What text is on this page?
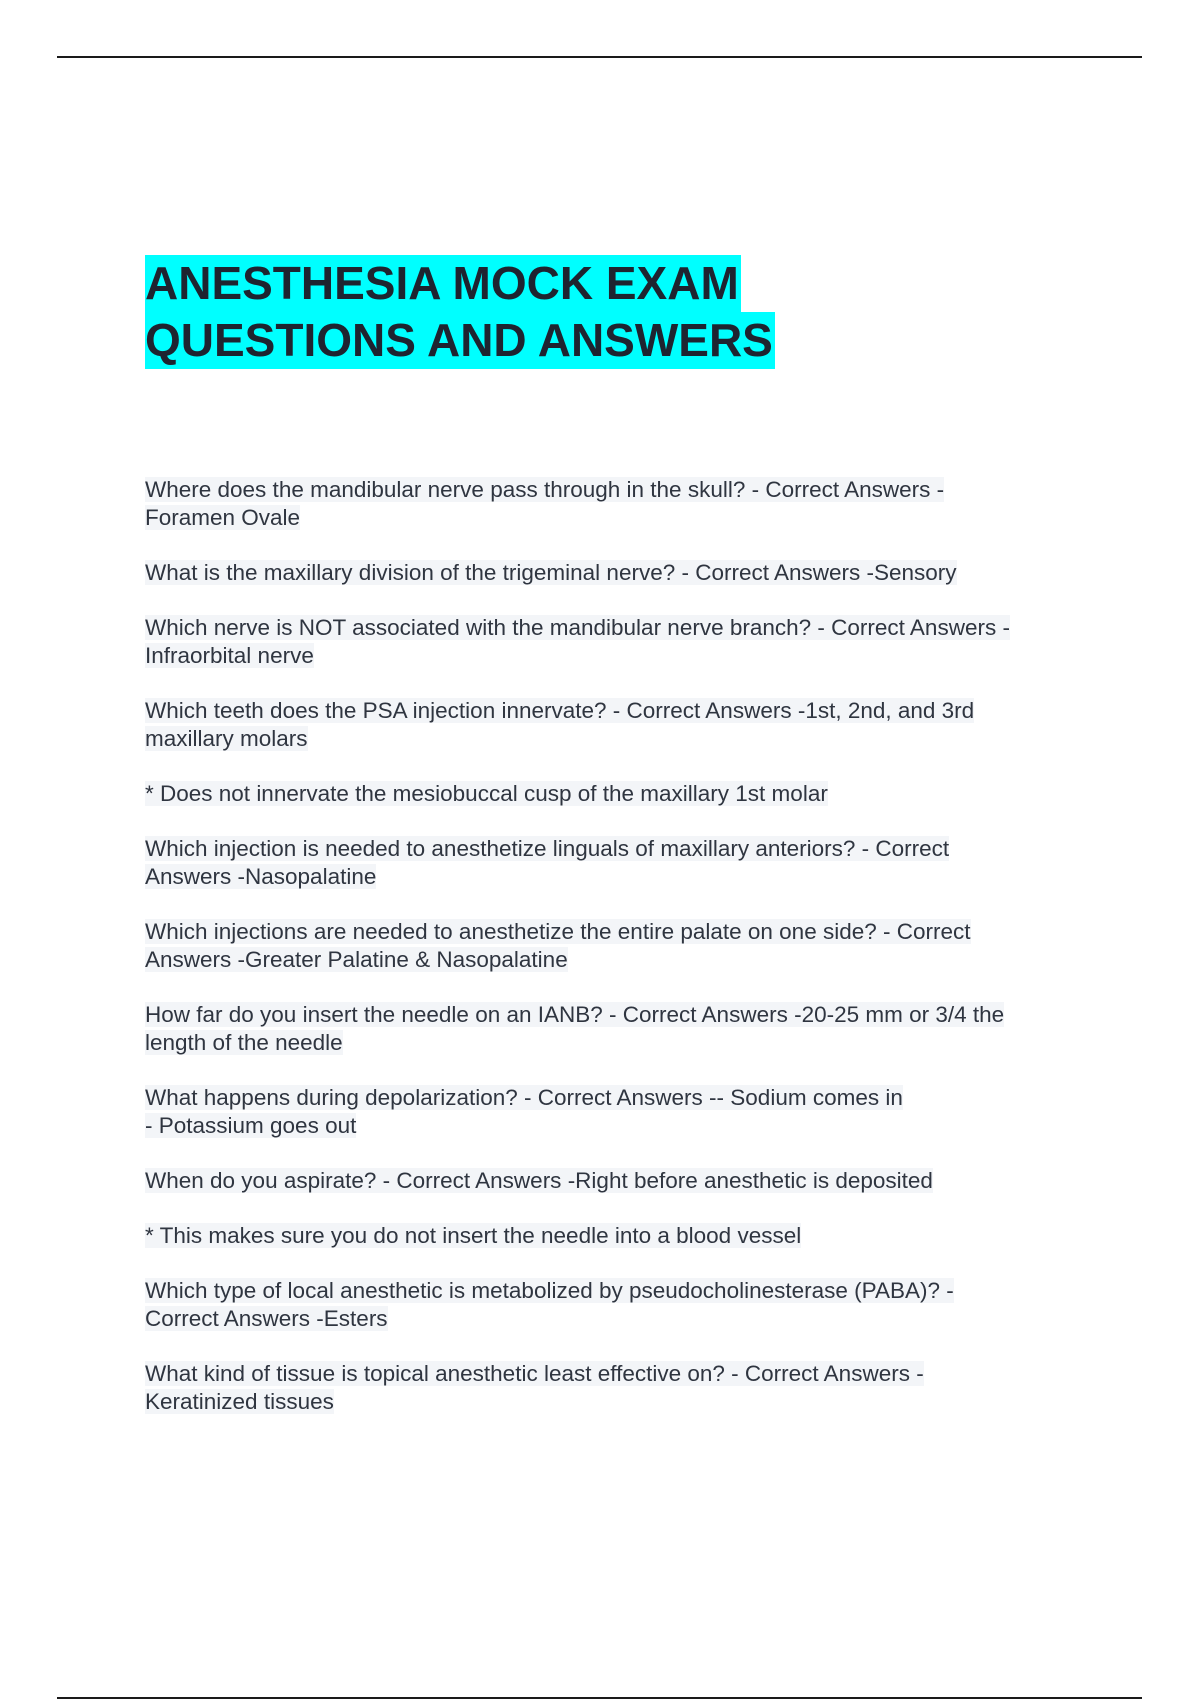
ANESTHESIA MOCK EXAM
QUESTIONS AND ANSWERS
Where does the mandibular nerve pass through in the skull? - Correct Answers -
Foramen Ovale
What is the maxillary division of the trigeminal nerve? - Correct Answers -Sensory
Which nerve is NOT associated with the mandibular nerve branch? - Correct Answers -
Infraorbital nerve
Which teeth does the PSA injection innervate? - Correct Answers -1st, 2nd, and 3rd
maxillary molars
* Does not innervate the mesiobuccal cusp of the maxillary 1st molar
Which injection is needed to anesthetize linguals of maxillary anteriors? - Correct
Answers -Nasopalatine
Which injections are needed to anesthetize the entire palate on one side? - Correct
Answers -Greater Palatine & Nasopalatine
How far do you insert the needle on an IANB? - Correct Answers -20-25 mm or 3/4 the
length of the needle
What happens during depolarization? - Correct Answers -- Sodium comes in
- Potassium goes out
When do you aspirate? - Correct Answers -Right before anesthetic is deposited
* This makes sure you do not insert the needle into a blood vessel
Which type of local anesthetic is metabolized by pseudocholinesterase (PABA)? -
Correct Answers -Esters
What kind of tissue is topical anesthetic least effective on? - Correct Answers -
Keratinized tissues
